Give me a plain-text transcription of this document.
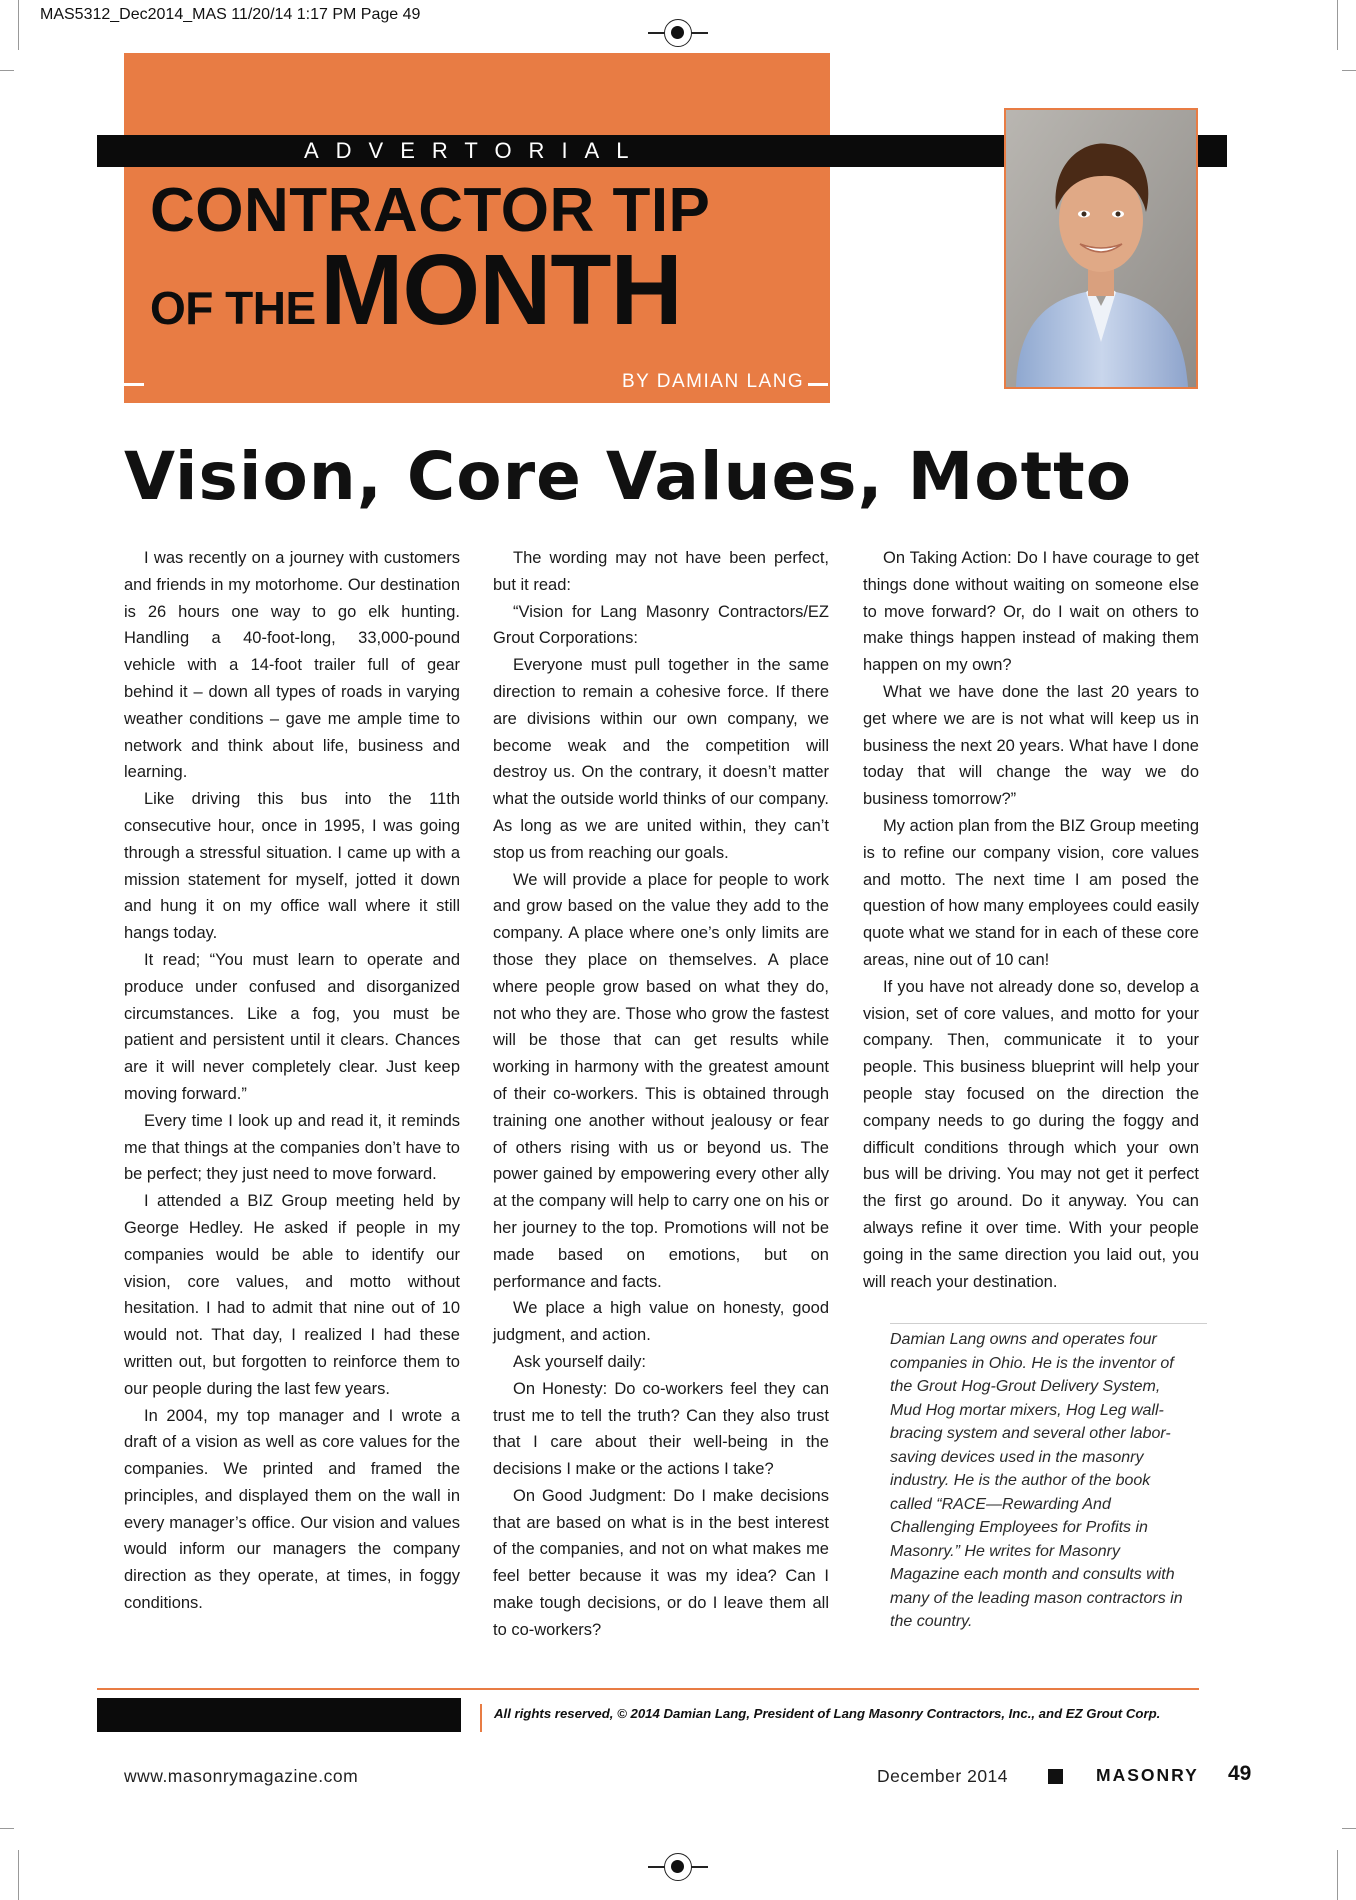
MAS5312_Dec2014_MAS 11/20/14 1:17 PM Page 49
ADVERTORIAL
CONTRACTOR TIP
OF THE MONTH
BY DAMIAN LANG
Vision, Core Values, Motto

I was recently on a journey with customers and friends in my motorhome. Our destination is 26 hours one way to go elk hunting. Handling a 40-foot-long, 33,000-pound vehicle with a 14-foot trailer full of gear behind it – down all types of roads in varying weather conditions – gave me ample time to network and think about life, business and learning.

Like driving this bus into the 11th consecutive hour, once in 1995, I was going through a stressful situation. I came up with a mission statement for myself, jotted it down and hung it on my office wall where it still hangs today.

It read; “You must learn to operate and produce under confused and disorganized circumstances. Like a fog, you must be patient and persistent until it clears. Chances are it will never completely clear. Just keep moving forward.”

Every time I look up and read it, it reminds me that things at the companies don’t have to be perfect; they just need to move forward.

I attended a BIZ Group meeting held by George Hedley. He asked if people in my companies would be able to identify our vision, core values, and motto without hesitation. I had to admit that nine out of 10 would not. That day, I realized I had these written out, but forgotten to reinforce them to our people during the last few years.

In 2004, my top manager and I wrote a draft of a vision as well as core values for the companies. We printed and framed the principles, and displayed them on the wall in every manager’s office. Our vision and values would inform our managers the company direction as they operate, at times, in foggy conditions.

The wording may not have been perfect, but it read:

“Vision for Lang Masonry Contractors/EZ Grout Corporations:

Everyone must pull together in the same direction to remain a cohesive force. If there are divisions within our own company, we become weak and the competition will destroy us. On the contrary, it doesn’t matter what the outside world thinks of our company. As long as we are united within, they can’t stop us from reaching our goals.

We will provide a place for people to work and grow based on the value they add to the company. A place where one’s only limits are those they place on themselves. A place where people grow based on what they do, not who they are. Those who grow the fastest will be those that can get results while working in harmony with the greatest amount of their co-workers. This is obtained through training one another without jealousy or fear of others rising with us or beyond us. The power gained by empowering every other ally at the company will help to carry one on his or her journey to the top. Promotions will not be made based on emotions, but on performance and facts.

We place a high value on honesty, good judgment, and action.

Ask yourself daily:

On Honesty: Do co-workers feel they can trust me to tell the truth? Can they also trust that I care about their well-being in the decisions I make or the actions I take?

On Good Judgment: Do I make decisions that are based on what is in the best interest of the companies, and not on what makes me feel better because it was my idea? Can I make tough decisions, or do I leave them all to co-workers?

On Taking Action: Do I have courage to get things done without waiting on someone else to move forward? Or, do I wait on others to make things happen instead of making them happen on my own?

What we have done the last 20 years to get where we are is not what will keep us in business the next 20 years. What have I done today that will change the way we do business tomorrow?”

My action plan from the BIZ Group meeting is to refine our company vision, core values and motto. The next time I am posed the question of how many employees could easily quote what we stand for in each of these core areas, nine out of 10 can!

If you have not already done so, develop a vision, set of core values, and motto for your company. Then, communicate it to your people. This business blueprint will help your people stay focused on the direction the company needs to go during the foggy and difficult conditions through which your own bus will be driving. You may not get it perfect the first go around. Do it anyway. You can always refine it over time. With your people going in the same direction you laid out, you will reach your destination.

Damian Lang owns and operates four companies in Ohio. He is the inventor of the Grout Hog-Grout Delivery System, Mud Hog mortar mixers, Hog Leg wall-bracing system and several other labor-saving devices used in the masonry industry. He is the author of the book called “RACE—Rewarding And Challenging Employees for Profits in Masonry.” He writes for Masonry Magazine each month and consults with many of the leading mason contractors in the country.
All rights reserved, © 2014 Damian Lang, President of Lang Masonry Contractors, Inc., and EZ Grout Corp.
www.masonrymagazine.com	December 2014	MASONRY 49
